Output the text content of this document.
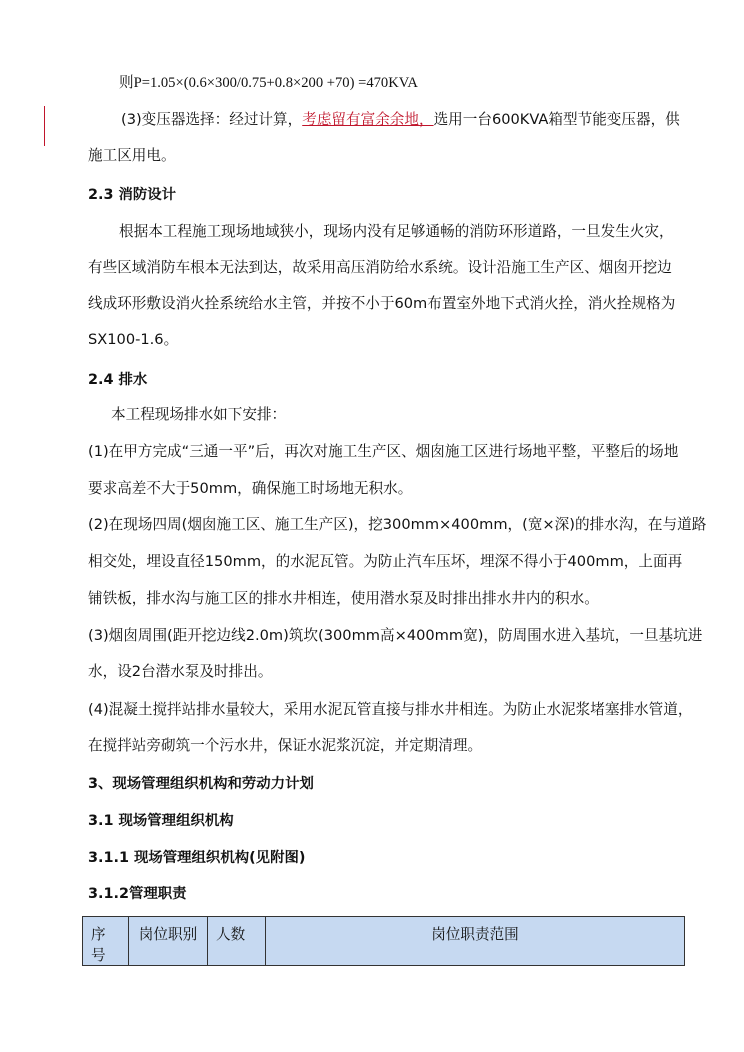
则P=1.05×(0.6×300/0.75+0.8×200 +70) =470KVA
(3)变压器选择：经过计算，考虑留有富余余地，选用一台600KVA箱型节能变压器，供
施工区用电。
2.3 消防设计
根据本工程施工现场地域狭小，现场内没有足够通畅的消防环形道路，一旦发生火灾，
有些区域消防车根本无法到达，故采用高压消防给水系统。设计沿施工生产区、烟囱开挖边
线成环形敷设消火拴系统给水主管，并按不小于60m布置室外地下式消火拴，消火拴规格为
SX100-1.6。
2.4 排水
本工程现场排水如下安排：
(1)在甲方完成“三通一平”后，再次对施工生产区、烟囱施工区进行场地平整，平整后的场地
要求高差不大于50mm，确保施工时场地无积水。
(2)在现场四周(烟囱施工区、施工生产区)，挖300mm×400mm，(宽×深)的排水沟，在与道路
相交处，埋设直径150mm，的水泥瓦管。为防止汽车压坏，埋深不得小于400mm，上面再
铺铁板，排水沟与施工区的排水井相连，使用潜水泵及时排出排水井内的积水。
(3)烟囱周围(距开挖边线2.0m)筑坎(300mm高×400mm宽)，防周围水进入基坑，一旦基坑进
水，设2台潜水泵及时排出。
(4)混凝土搅拌站排水量较大，采用水泥瓦管直接与排水井相连。为防止水泥浆堵塞排水管道，
在搅拌站旁砌筑一个污水井，保证水泥浆沉淀，并定期清理。
3、现场管理组织机构和劳动力计划
3.1 现场管理组织机构
3.1.1 现场管理组织机构(见附图)
3.1.2管理职责
序号	岗位职别	人数	岗位职责范围
